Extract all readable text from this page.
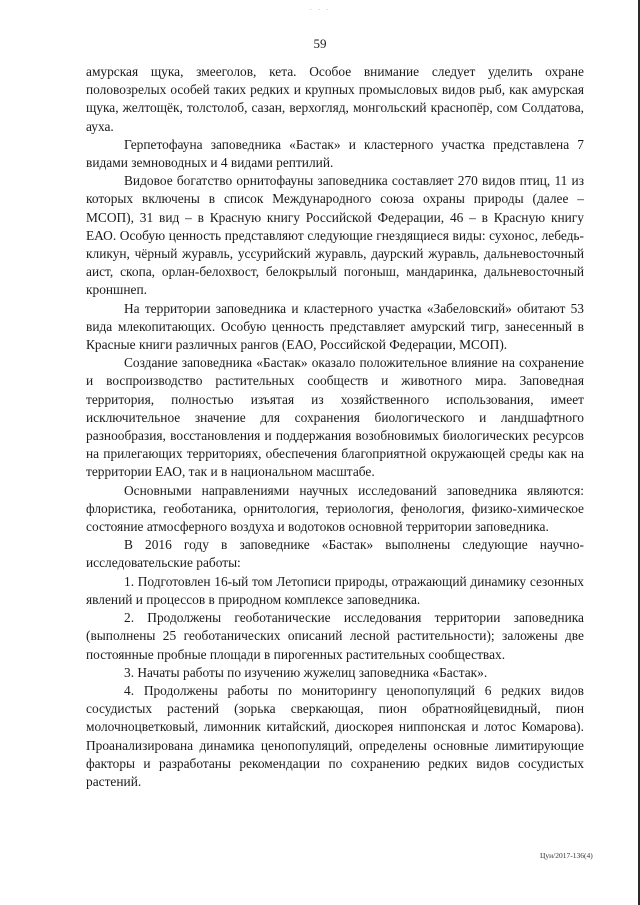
· · ·
59

амурская щука, змееголов, кета. Особое внимание следует уделить охране половозрелых особей таких редких и крупных промысловых видов рыб, как амурская щука, желтощёк, толстолоб, сазан, верхогляд, монгольский краснопёр, сом Солдатова, ауха.

Герпетофауна заповедника «Бастак» и кластерного участка представлена 7 видами земноводных и 4 видами рептилий.

Видовое богатство орнитофауны заповедника составляет 270 видов птиц, 11 из которых включены в список Международного союза охраны природы (далее – МСОП), 31 вид – в Красную книгу Российской Федерации, 46 – в Красную книгу ЕАО. Особую ценность представляют следующие гнездящиеся виды: сухонос, лебедь-кликун, чёрный журавль, уссурийский журавль, даурский журавль, дальневосточный аист, скопа, орлан-белохвост, белокрылый погоныш, мандаринка, дальневосточный кроншнеп.

На территории заповедника и кластерного участка «Забеловский» обитают 53 вида млекопитающих. Особую ценность представляет амурский тигр, занесенный в Красные книги различных рангов (ЕАО, Российской Федерации, МСОП).

Создание заповедника «Бастак» оказало положительное влияние на сохранение и воспроизводство растительных сообществ и животного мира. Заповедная территория, полностью изъятая из хозяйственного использования, имеет исключительное значение для сохранения биологического и ландшафтного разнообразия, восстановления и поддержания возобновимых биологических ресурсов на прилегающих территориях, обеспечения благоприятной окружающей среды как на территории ЕАО, так и в национальном масштабе.

Основными направлениями научных исследований заповедника являются: флористика, геоботаника, орнитология, териология, фенология, физико-химическое состояние атмосферного воздуха и водотоков основной территории заповедника.

В 2016 году в заповеднике «Бастак» выполнены следующие научно-исследовательские работы:

1. Подготовлен 16-ый том Летописи природы, отражающий динамику сезонных явлений и процессов в природном комплексе заповедника.

2. Продолжены геоботанические исследования территории заповедника (выполнены 25 геоботанических описаний лесной растительности); заложены две постоянные пробные площади в пирогенных растительных сообществах.

3. Начаты работы по изучению жужелиц заповедника «Бастак».

4. Продолжены работы по мониторингу ценопопуляций 6 редких видов сосудистых растений (зорька сверкающая, пион обратнояйцевидный, пион молочноцветковый, лимонник китайский, диоскорея ниппонская и лотос Комарова). Проанализирована динамика ценопопуляций, определены основные лимитирующие факторы и разработаны рекомендации по сохранению редких видов сосудистых растений.

Цуи/2017-136(4)
